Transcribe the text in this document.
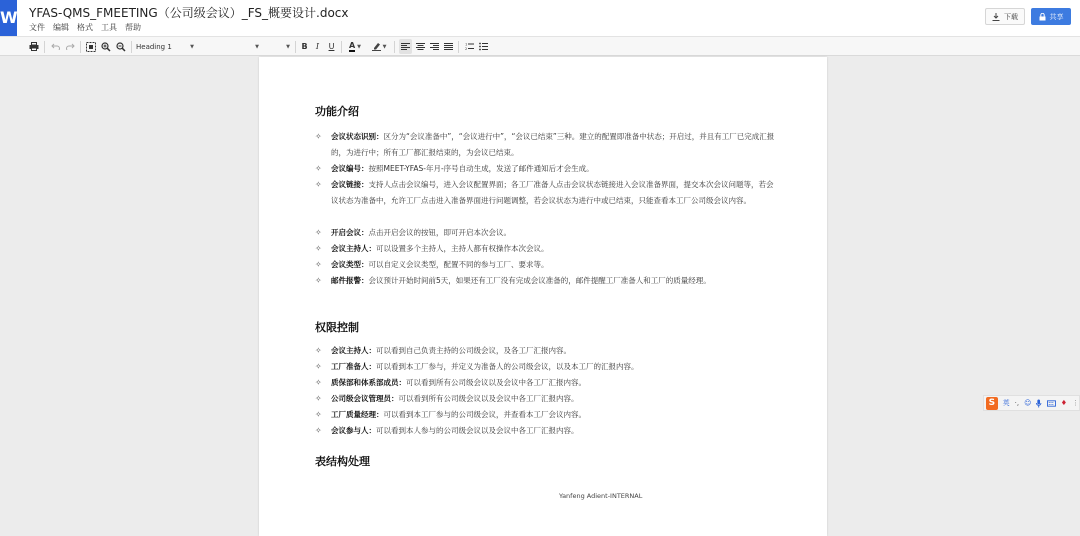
W YFAS-QMS_FMEETING（公司级会议）_FS_概要设计.docx
文件 编辑 格式 工具 帮助
下载	共享
Heading 1	▼	▼	▼	B	I	U	A ▼	▼	1
2
功能介绍
✧	会议状态识别：区分为“会议准备中”，“会议进行中”，“会议已结束”三种。建立的配置即准备中状态；开启过，并且有工厂已完成汇报的，为进行中；所有工厂都汇报结束的，为会议已结束。
✧	会议编号：按照MEET-YFAS-年月-序号自动生成，发送了邮件通知后才会生成。
✧	会议链接：支持人点击会议编号，进入会议配置界面；各工厂准备人点击会议状态链接进入会议准备界面，提交本次会议问题等，若会议状态为准备中，允许工厂点击进入准备界面进行问题调整，若会议状态为进行中或已结束，只能查看本工厂公司级会议内容。
✧	开启会议：点击开启会议的按钮，即可开启本次会议。
✧	会议主持人：可以设置多个主持人，主持人都有权操作本次会议。
✧	会议类型：可以自定义会议类型，配置不同的参与工厂、要求等。
✧	邮件报警：会议预计开始时间前5天，如果还有工厂没有完成会议准备的，邮件提醒工厂准备人和工厂的质量经理。
权限控制
✧	会议主持人：可以看到自己负责主持的公司级会议，及各工厂汇报内容。
✧	工厂准备人：可以看到本工厂参与，并定义为准备人的公司级会议，以及本工厂的汇报内容。
✧	质保部和体系部成员：可以看到所有公司级会议以及会议中各工厂汇报内容。
✧	公司级会议管理员：可以看到所有公司级会议以及会议中各工厂汇报内容。
✧	工厂质量经理：可以看到本工厂参与的公司级会议，并查看本工厂会议内容。
✧	会议参与人：可以看到本人参与的公司级会议以及会议中各工厂汇报内容。
表结构处理
Yanfeng Adient-INTERNAL
S	英 ·, ☺	♦ ⋮
